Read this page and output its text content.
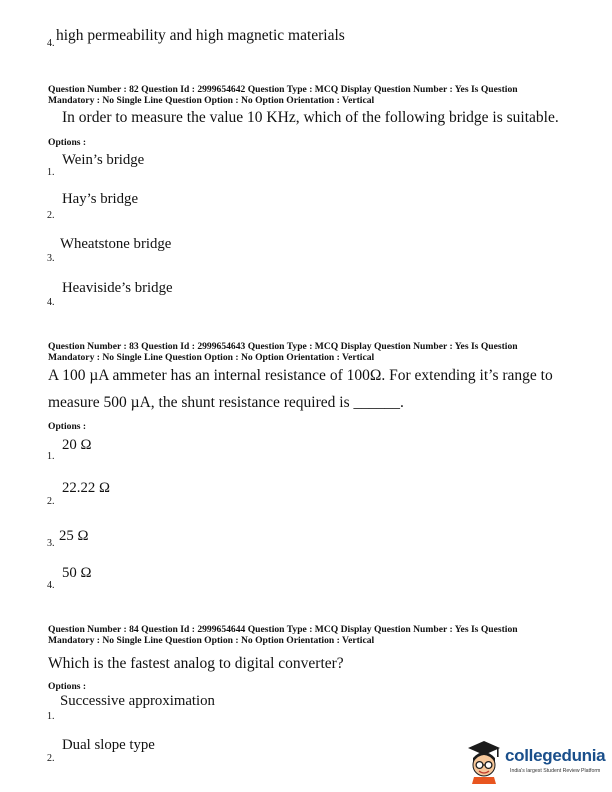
4. high permeability and high magnetic materials
Question Number : 82 Question Id : 2999654642 Question Type : MCQ Display Question Number : Yes Is Question
Mandatory : No Single Line Question Option : No Option Orientation : Vertical
In order to measure the value 10 KHz, which of the following bridge is suitable.
Options :
Wein’s bridge
1.
Hay’s bridge
2.
Wheatstone bridge
3.
Heaviside’s bridge
4.
Question Number : 83 Question Id : 2999654643 Question Type : MCQ Display Question Number : Yes Is Question
Mandatory : No Single Line Question Option : No Option Orientation : Vertical
A 100 µA ammeter has an internal resistance of 100Ω. For extending it’s range to
measure 500 µA, the shunt resistance required is ______.
Options :
20 Ω
1.
22.22 Ω
2.
3. 25 Ω
50 Ω
4.
Question Number : 84 Question Id : 2999654644 Question Type : MCQ Display Question Number : Yes Is Question
Mandatory : No Single Line Question Option : No Option Orientation : Vertical
Which is the fastest analog to digital converter?
Options :
Successive approximation
1.
Dual slope type
2.	collegedunia
India's largest Student Review Platform
